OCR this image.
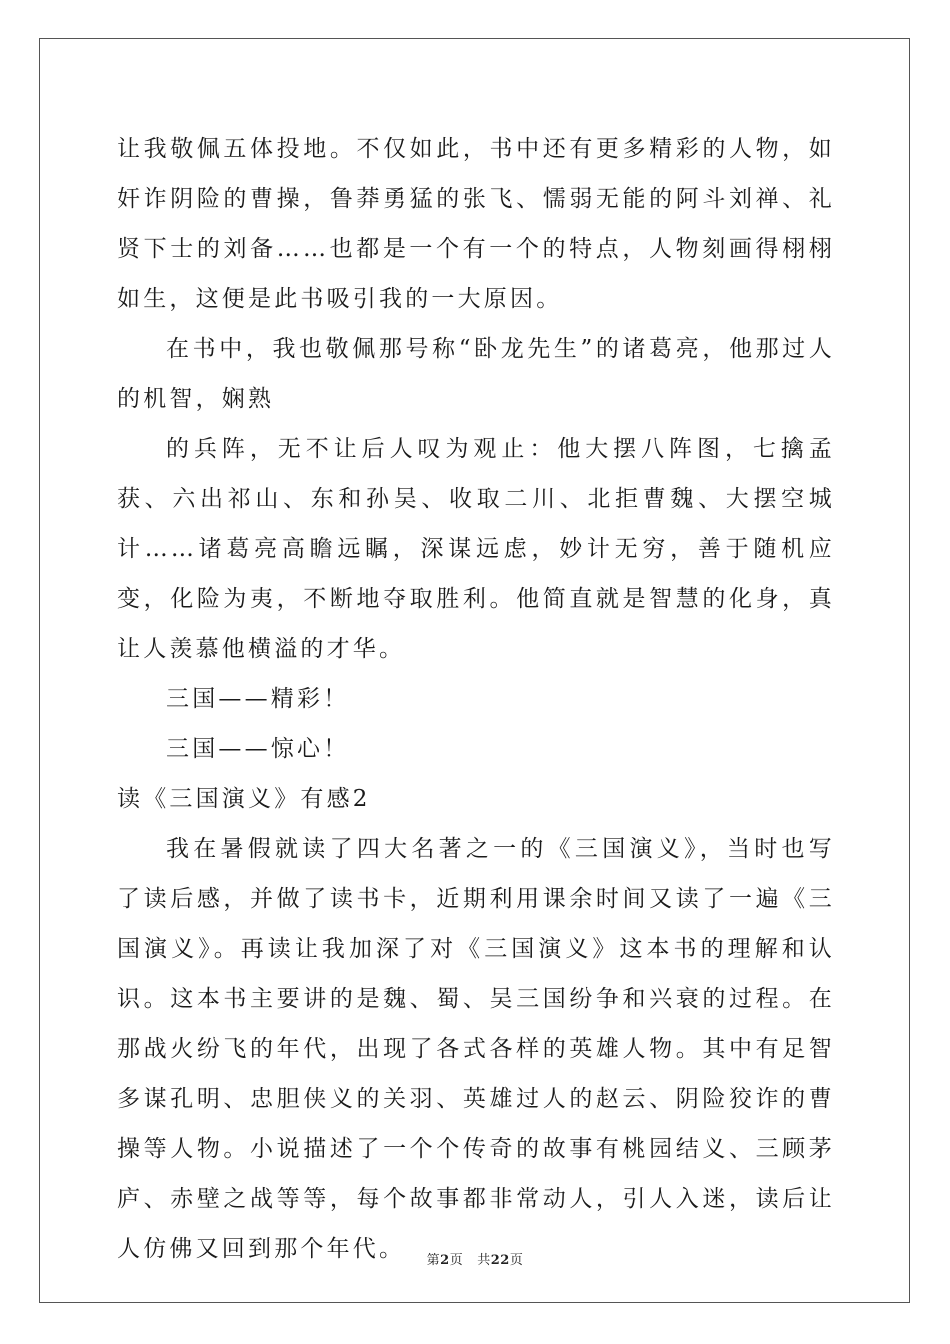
让我敬佩五体投地。不仅如此，书中还有更多精彩的人物，如奸诈阴险的曹操，鲁莽勇猛的张飞、懦弱无能的阿斗刘禅、礼贤下士的刘备……也都是一个有一个的特点，人物刻画得栩栩如生，这便是此书吸引我的一大原因。

在书中，我也敬佩那号称“卧龙先生”的诸葛亮，他那过人的机智，娴熟

的兵阵，无不让后人叹为观止：他大摆八阵图，七擒孟获、六出祁山、东和孙吴、收取二川、北拒曹魏、大摆空城计……诸葛亮高瞻远瞩，深谋远虑，妙计无穷，善于随机应变，化险为夷，不断地夺取胜利。他简直就是智慧的化身，真让人羡慕他横溢的才华。

三国——精彩！

三国——惊心！

读《三国演义》有感2

我在暑假就读了四大名著之一的《三国演义》，当时也写了读后感，并做了读书卡，近期利用课余时间又读了一遍《三国演义》。再读让我加深了对《三国演义》这本书的理解和认识。这本书主要讲的是魏、蜀、吴三国纷争和兴衰的过程。在那战火纷飞的年代，出现了各式各样的英雄人物。其中有足智多谋孔明、忠胆侠义的关羽、英雄过人的赵云、阴险狡诈的曹操等人物。小说描述了一个个传奇的故事有桃园结义、三顾茅庐、赤壁之战等等，每个故事都非常动人，引人入迷，读后让人仿佛又回到那个年代。	第2页 共22页
